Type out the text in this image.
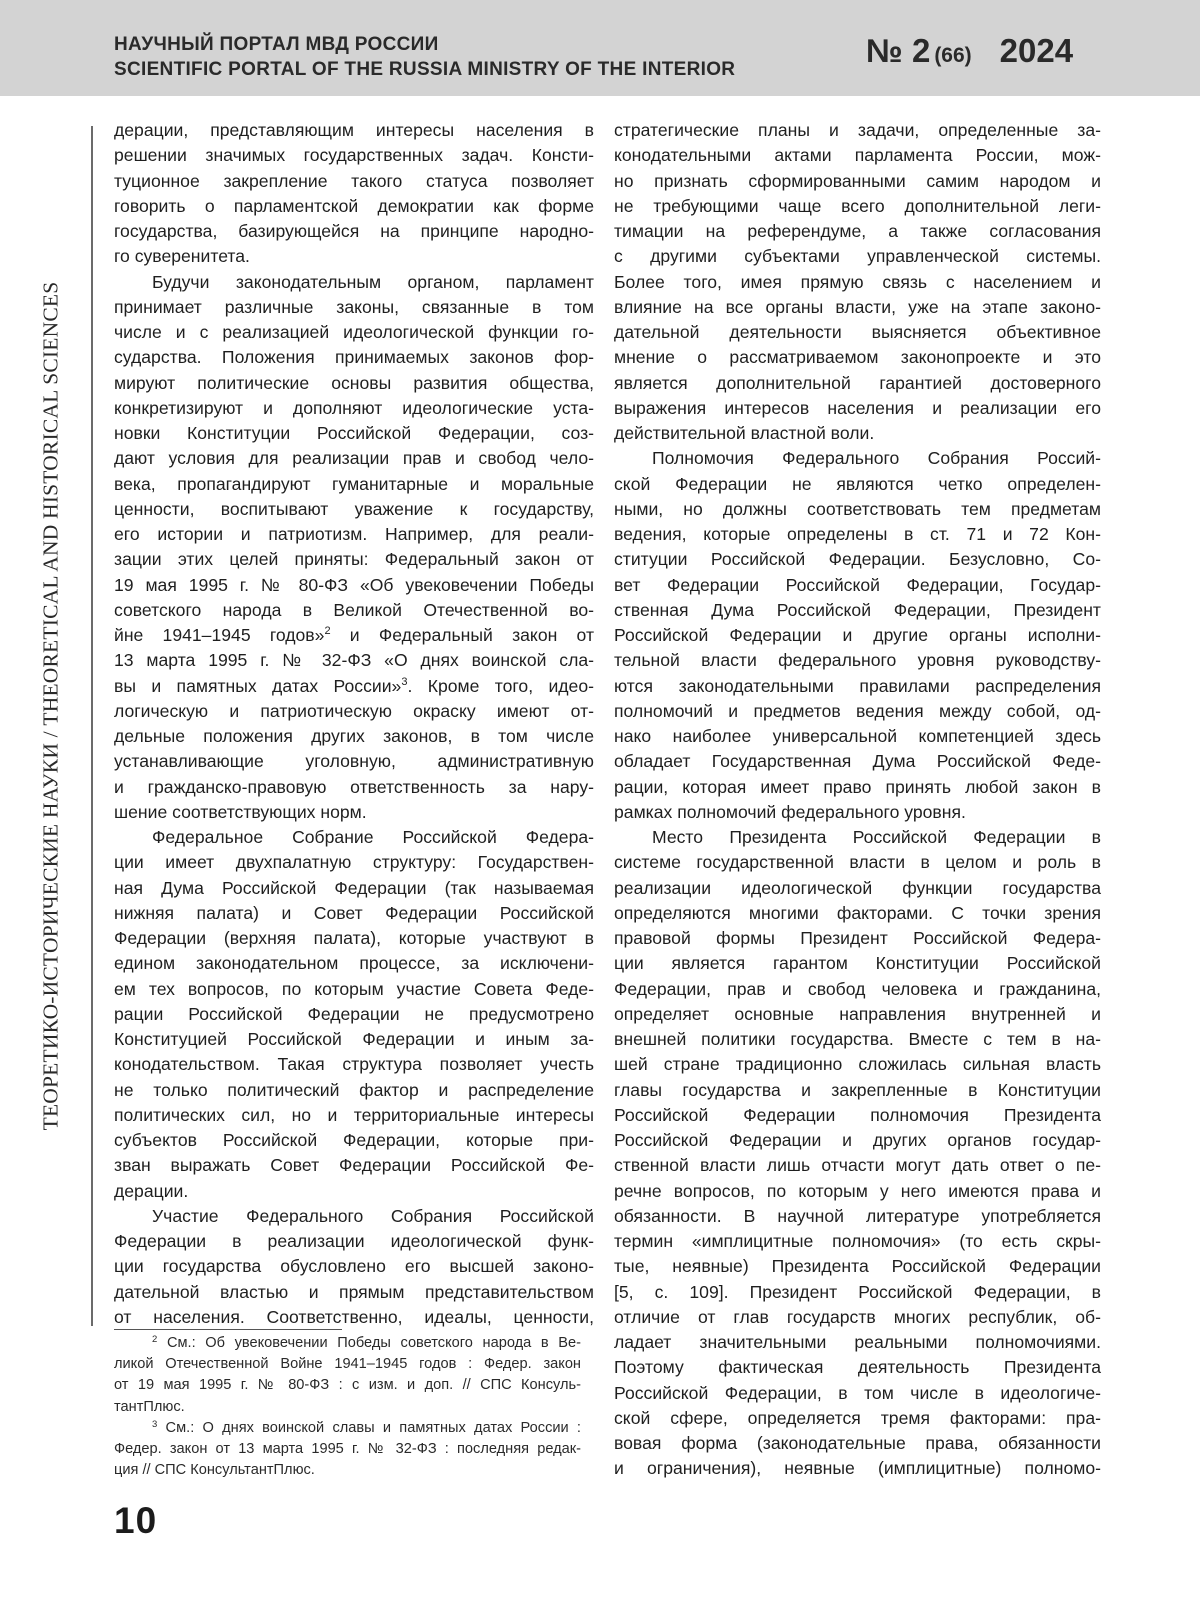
НАУЧНЫЙ ПОРТАЛ МВД РОССИИ

SCIENTIFIC PORTAL OF THE RUSSIA MINISTRY OF THE INTERIOR

№ 2 (66) 2024
ТЕОРЕТИКО-ИСТОРИЧЕСКИЕ НАУКИ / THEORETICAL AND HISTORICAL SCIENCES
дерации, представляющим интересы населения в
решении значимых государственных задач. Консти-
туционное закрепление такого статуса позволяет
говорить о парламентской демократии как форме
государства, базирующейся на принципе народно-
го суверенитета.
Будучи законодательным органом, парламент
принимает различные законы, связанные в том
числе и с реализацией идеологической функции го-
сударства. Положения принимаемых законов фор-
мируют политические основы развития общества,
конкретизируют и дополняют идеологические уста-
новки Конституции Российской Федерации, соз-
дают условия для реализации прав и свобод чело-
века, пропагандируют гуманитарные и моральные
ценности, воспитывают уважение к государству,
его истории и патриотизм. Например, для реали-
зации этих целей приняты: Федеральный закон от
19 мая 1995 г. № 80-ФЗ «Об увековечении Победы
советского народа в Великой Отечественной во-
йне 1941–1945 годов»$^2$ и Федеральный закон от
13 марта 1995 г. № 32-ФЗ «О днях воинской сла-
вы и памятных датах России»$^3$. Кроме того, идео-
логическую и патриотическую окраску имеют от-
дельные положения других законов, в том числе
устанавливающие уголовную, административную
и гражданско-правовую ответственность за нару-
шение соответствующих норм.
Федеральное Собрание Российской Федера-
ции имеет двухпалатную структуру: Государствен-
ная Дума Российской Федерации (так называемая
нижняя палата) и Совет Федерации Российской
Федерации (верхняя палата), которые участвуют в
едином законодательном процессе, за исключени-
ем тех вопросов, по которым участие Совета Феде-
рации Российской Федерации не предусмотрено
Конституцией Российской Федерации и иным за-
конодательством. Такая структура позволяет учесть
не только политический фактор и распределение
политических сил, но и территориальные интересы
субъектов Российской Федерации, которые при-
зван выражать Совет Федерации Российской Фе-
дерации.
Участие Федерального Собрания Российской
Федерации в реализации идеологической функ-
ции государства обусловлено его высшей законо-
дательной властью и прямым представительством
от населения. Соответственно, идеалы, ценности,
стратегические планы и задачи, определенные за-
конодательными актами парламента России, мож-
но признать сформированными самим народом и
не требующими чаще всего дополнительной леги-
тимации на референдуме, а также согласования
с другими субъектами управленческой системы.
Более того, имея прямую связь с населением и
влияние на все органы власти, уже на этапе законо-
дательной деятельности выясняется объективное
мнение о рассматриваемом законопроекте и это
является дополнительной гарантией достоверного
выражения интересов населения и реализации его
действительной властной воли.
Полномочия Федерального Собрания Россий-
ской Федерации не являются четко определен-
ными, но должны соответствовать тем предметам
ведения, которые определены в ст. 71 и 72 Кон-
ституции Российской Федерации. Безусловно, Со-
вет Федерации Российской Федерации, Государ-
ственная Дума Российской Федерации, Президент
Российской Федерации и другие органы исполни-
тельной власти федерального уровня руководству-
ются законодательными правилами распределения
полномочий и предметов ведения между собой, од-
нако наиболее универсальной компетенцией здесь
обладает Государственная Дума Российской Феде-
рации, которая имеет право принять любой закон в
рамках полномочий федерального уровня.
Место Президента Российской Федерации в
системе государственной власти в целом и роль в
реализации идеологической функции государства
определяются многими факторами. С точки зрения
правовой формы Президент Российской Федера-
ции является гарантом Конституции Российской
Федерации, прав и свобод человека и гражданина,
определяет основные направления внутренней и
внешней политики государства. Вместе с тем в на-
шей стране традиционно сложилась сильная власть
главы государства и закрепленные в Конституции
Российской Федерации полномочия Президента
Российской Федерации и других органов государ-
ственной власти лишь отчасти могут дать ответ о пе-
речне вопросов, по которым у него имеются права и
обязанности. В научной литературе употребляется
термин «имплицитные полномочия» (то есть скры-
тые, неявные) Президента Российской Федерации
[5, с. 109]. Президент Российской Федерации, в
отличие от глав государств многих республик, об-
ладает значительными реальными полномочиями.
Поэтому фактическая деятельность Президента
Российской Федерации, в том числе в идеологиче-
ской сфере, определяется тремя факторами: пра-
вовая форма (законодательные права, обязанности
и ограничения), неявные (имплицитные) полномо-
$^2$ См.: Об увековечении Победы советского народа в Ве-
ликой Отечественной Войне 1941–1945 годов : Федер. закон
от 19 мая 1995 г. № 80-ФЗ : с изм. и доп. // СПС Консуль-
тантПлюс.
$^3$ См.: О днях воинской славы и памятных датах России :
Федер. закон от 13 марта 1995 г. № 32-ФЗ : последняя редак-
ция // СПС КонсультантПлюс.

10
